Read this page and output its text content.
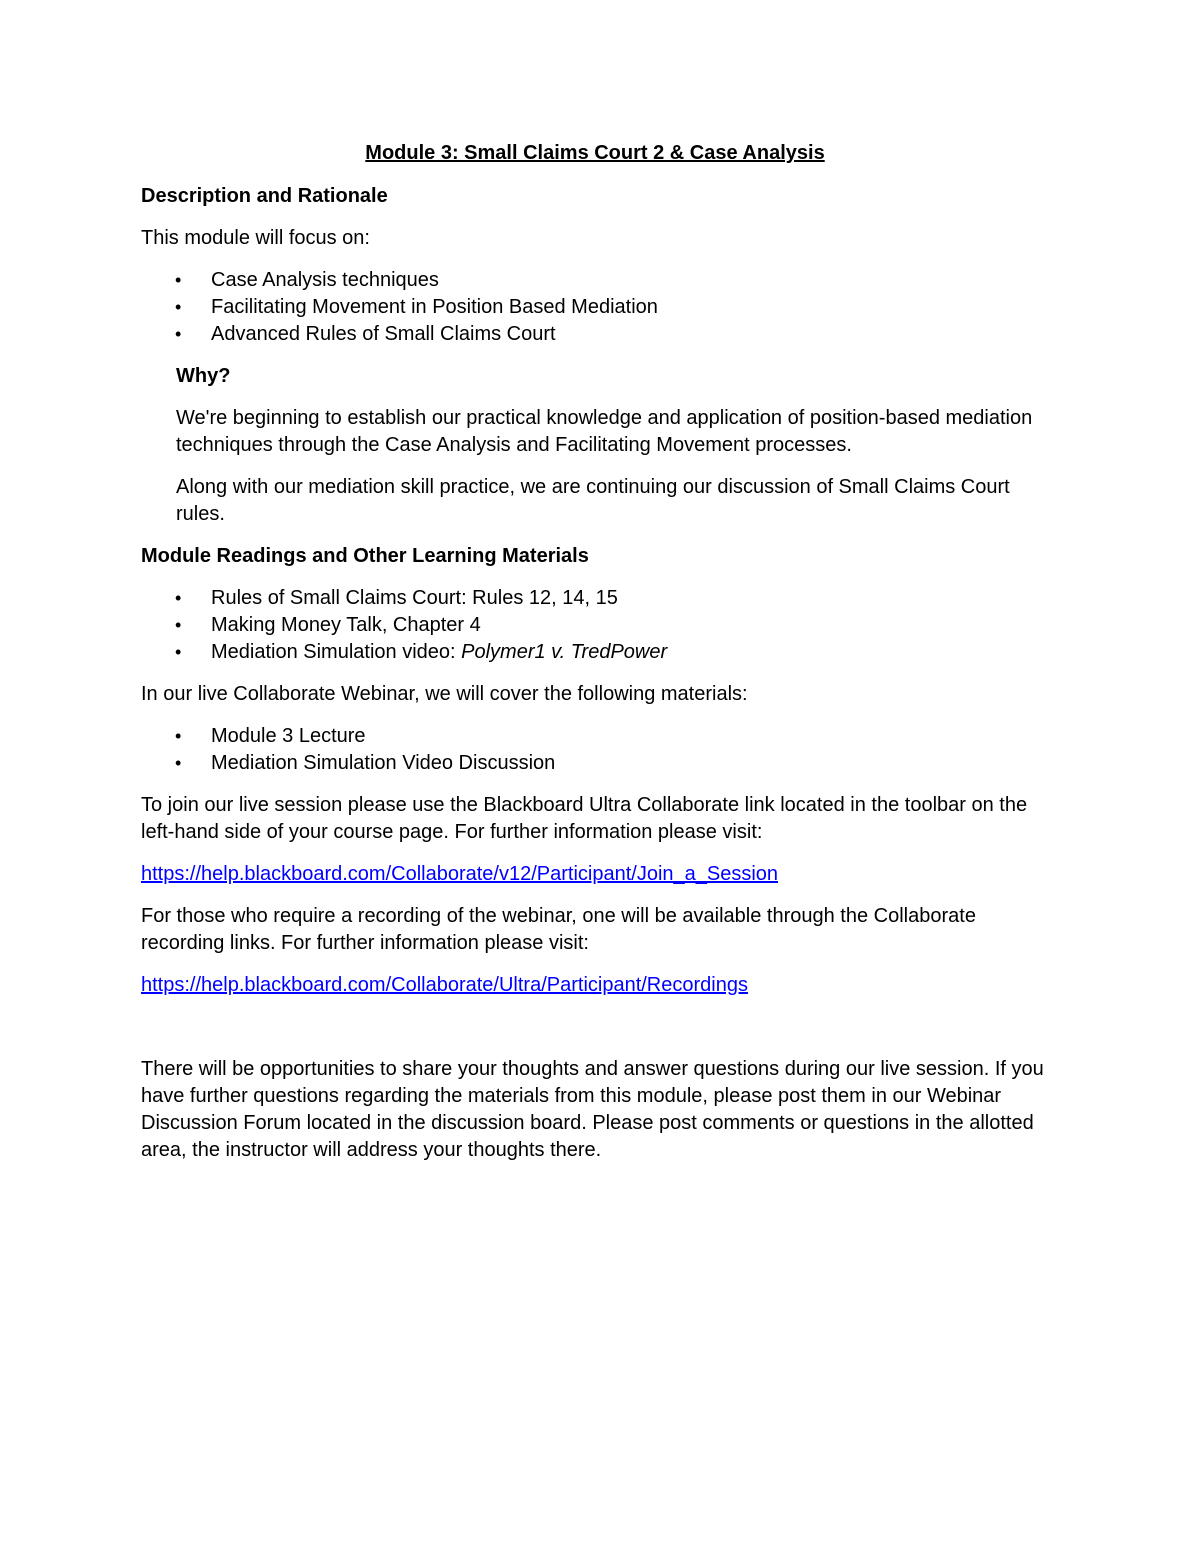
Module 3: Small Claims Court 2 & Case Analysis
Description and Rationale

This module will focus on:

• Case Analysis techniques
• Facilitating Movement in Position Based Mediation
• Advanced Rules of Small Claims Court
Why?

We're beginning to establish our practical knowledge and application of position-based mediation techniques through the Case Analysis and Facilitating Movement processes.

Along with our mediation skill practice, we are continuing our discussion of Small Claims Court rules.

Module Readings and Other Learning Materials
• Rules of Small Claims Court: Rules 12, 14, 15
• Making Money Talk, Chapter 4
• Mediation Simulation video: Polymer1 v. TredPower

In our live Collaborate Webinar, we will cover the following materials:

• Module 3 Lecture
• Mediation Simulation Video Discussion

To join our live session please use the Blackboard Ultra Collaborate link located in the toolbar on the left-hand side of your course page. For further information please visit:

https://help.blackboard.com/Collaborate/v12/Participant/Join_a_Session

For those who require a recording of the webinar, one will be available through the Collaborate recording links. For further information please visit:

https://help.blackboard.com/Collaborate/Ultra/Participant/Recordings

There will be opportunities to share your thoughts and answer questions during our live session. If you have further questions regarding the materials from this module, please post them in our Webinar Discussion Forum located in the discussion board. Please post comments or questions in the allotted area, the instructor will address your thoughts there.
